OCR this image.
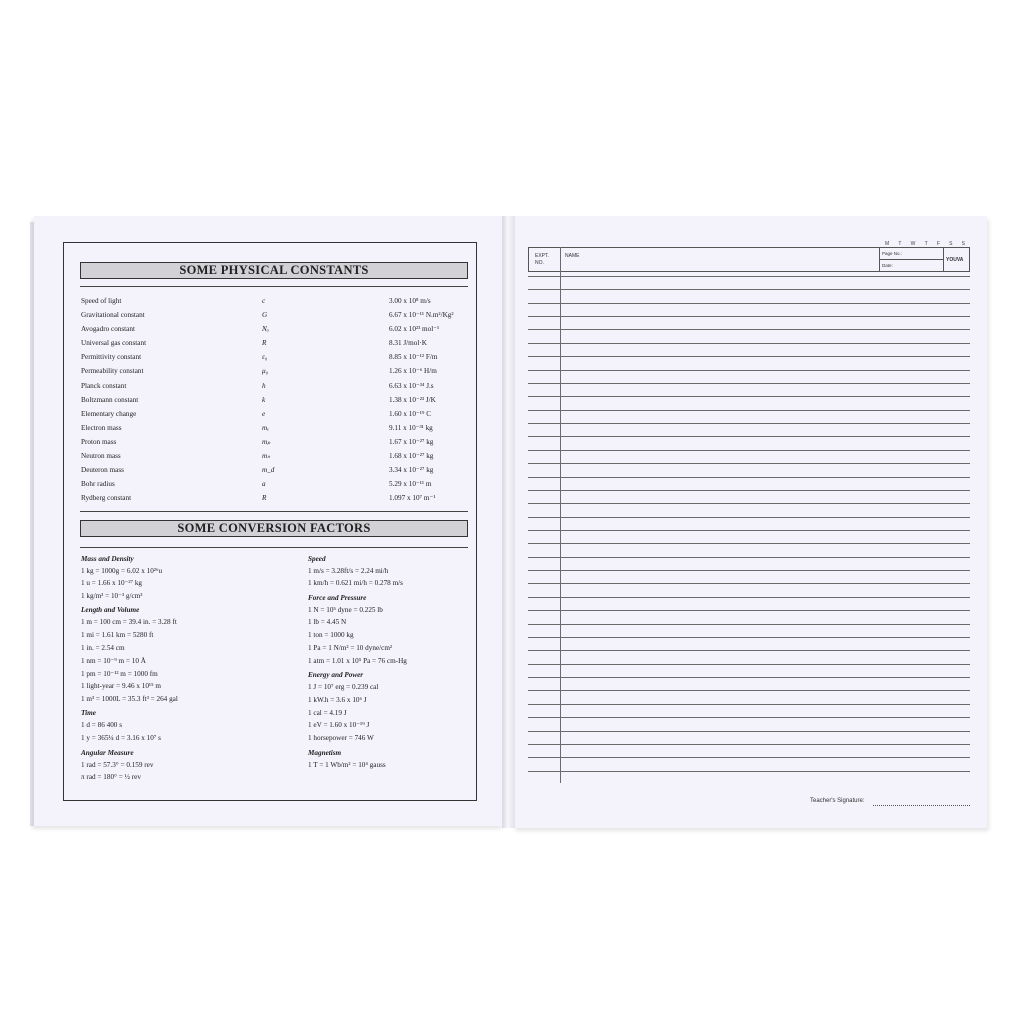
SOME PHYSICAL CONSTANTS
Speed of light	c	3.00 x 10⁸ m/s
Gravitational constant	G	6.67 x 10⁻¹¹ N.m²/Kg²
Avogadro constant	Nₐ	6.02 x 10²³ mol⁻¹
Universal gas constant	R	8.31 J/mol·K
Permittivity constant	ε₀	8.85 x 10⁻¹² F/m
Permeability constant	μ₀	1.26 x 10⁻⁶ H/m
Planck constant	h	6.63 x 10⁻³⁴ J.s
Boltzmann constant	k	1.38 x 10⁻²³ J/K
Elementary change	e	1.60 x 10⁻¹⁹ C
Electron mass	mₑ	9.11 x 10⁻³¹ kg
Proton mass	mₚ	1.67 x 10⁻²⁷ kg
Neutron mass	mₙ	1.68 x 10⁻²⁷ kg
Deuteron mass	m_d	3.34 x 10⁻²⁷ kg
Bohr radius	a	5.29 x 10⁻¹¹ m
Rydberg constant	R	1.097 x 10⁷ m⁻¹
SOME CONVERSION FACTORS
Mass and Density
1 kg = 1000g = 6.02 x 10²⁶u
1 u = 1.66 x 10⁻²⁷ kg
1 kg/m³ = 10⁻³ g/cm³
Length and Volume
1 m = 100 cm = 39.4 in. = 3.28 ft
1 mi = 1.61 km = 5280 ft
1 in. = 2.54 cm
1 nm = 10⁻⁹ m = 10 Å
1 pm = 10⁻¹² m = 1000 fm
1 light-year = 9.46 x 10¹⁵ m
1 m³ = 1000L = 35.3 ft³ = 264 gal
Time
1 d = 86 400 s
1 y = 365¼ d = 3.16 x 10⁷ s
Angular Measure
1 rad = 57.3° = 0.159 rev
π rad = 180° = ½ rev
Speed
1 m/s = 3.28ft/s = 2.24 mi/h
1 km/h = 0.621 mi/h = 0.278 m/s
Force and Pressure
1 N = 10⁵ dyne = 0.225 lb
1 lb = 4.45 N
1 ton = 1000 kg
1 Pa = 1 N/m² = 10 dyne/cm²
1 atm = 1.01 x 10⁵ Pa = 76 cm-Hg
Energy and Power
1 J = 10⁷ erg = 0.239 cal
1 kW.h = 3.6 x 10⁶ J
1 cal = 4.19 J
1 eV = 1.60 x 10⁻¹⁹ J
1 horsepower = 746 W
Magnetism
1 T = 1 Wb/m² = 10⁴ gauss
M T W T F S S
EXPT.
NO.
NAME	Page No.:
Date:
YOUVA
Teacher's Signature:
